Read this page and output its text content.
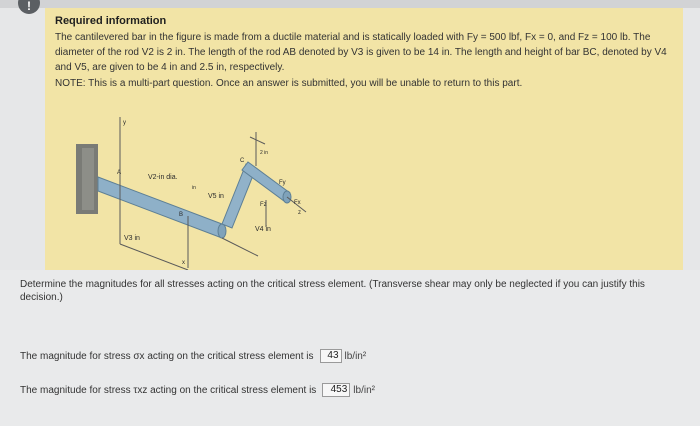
!
Required information
The cantilevered bar in the figure is made from a ductile material and is statically loaded with Fy = 500 lbf, Fx = 0, and Fz = 100 lb. The diameter of the rod V2 is 2 in. The length of the rod AB denoted by V3 is given to be 14 in. The length and height of bar BC, denoted by V4 and V5, are given to be 4 in and 2.5 in, respectively.
NOTE: This is a multi-part question. Once an answer is submitted, you will be unable to return to this part.
V2-in dia.
V3 in
V5 in
V4 in
A
B
C
y
x
z
Fy
Fz	Fx
in
2 in
Determine the magnitudes for all stresses acting on the critical stress element. (Transverse shear may only be neglected if you can justify this decision.)
The magnitude for stress σx acting on the critical stress element is	43 lb/in²
The magnitude for stress τxz acting on the critical stress element is	453 lb/in²
